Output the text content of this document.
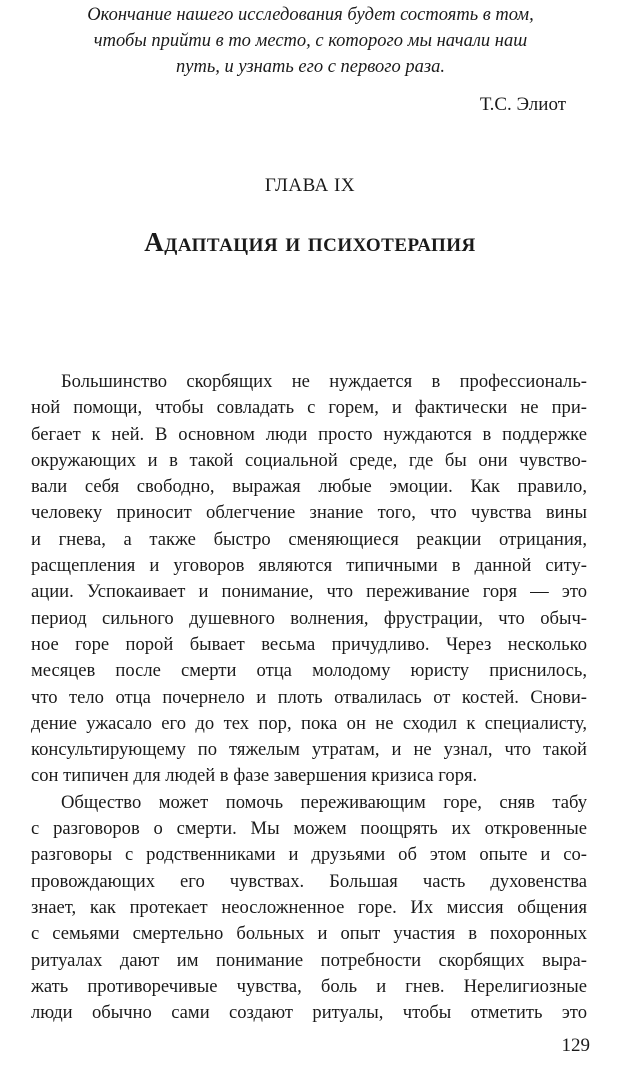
Окончание нашего исследования будет состоять в том,
чтобы прийти в то место, с которого мы начали наш
путь, и узнать его с первого раза.
Т.С. Элиот
ГЛАВА IX
Адаптация и психотерапия
Большинство скорбящих не нуждается в профессиональ-
ной помощи, чтобы совладать с горем, и фактически не при-
бегает к ней. В основном люди просто нуждаются в поддержке
окружающих и в такой социальной среде, где бы они чувство-
вали себя свободно, выражая любые эмоции. Как правило,
человеку приносит облегчение знание того, что чувства вины
и гнева, а также быстро сменяющиеся реакции отрицания,
расщепления и уговоров являются типичными в данной ситу-
ации. Успокаивает и понимание, что переживание горя — это
период сильного душевного волнения, фрустрации, что обыч-
ное горе порой бывает весьма причудливо. Через несколько
месяцев после смерти отца молодому юристу приснилось,
что тело отца почернело и плоть отвалилась от костей. Снови-
дение ужасало его до тех пор, пока он не сходил к специалисту,
консультирующему по тяжелым утратам, и не узнал, что такой
сон типичен для людей в фазе завершения кризиса горя.
Общество может помочь переживающим горе, сняв табу
с разговоров о смерти. Мы можем поощрять их откровенные
разговоры с родственниками и друзьями об этом опыте и со-
провождающих его чувствах. Большая часть духовенства
знает, как протекает неосложненное горе. Их миссия общения
с семьями смертельно больных и опыт участия в похоронных
ритуалах дают им понимание потребности скорбящих выра-
жать противоречивые чувства, боль и гнев. Нерелигиозные
люди обычно сами создают ритуалы, чтобы отметить это
129
